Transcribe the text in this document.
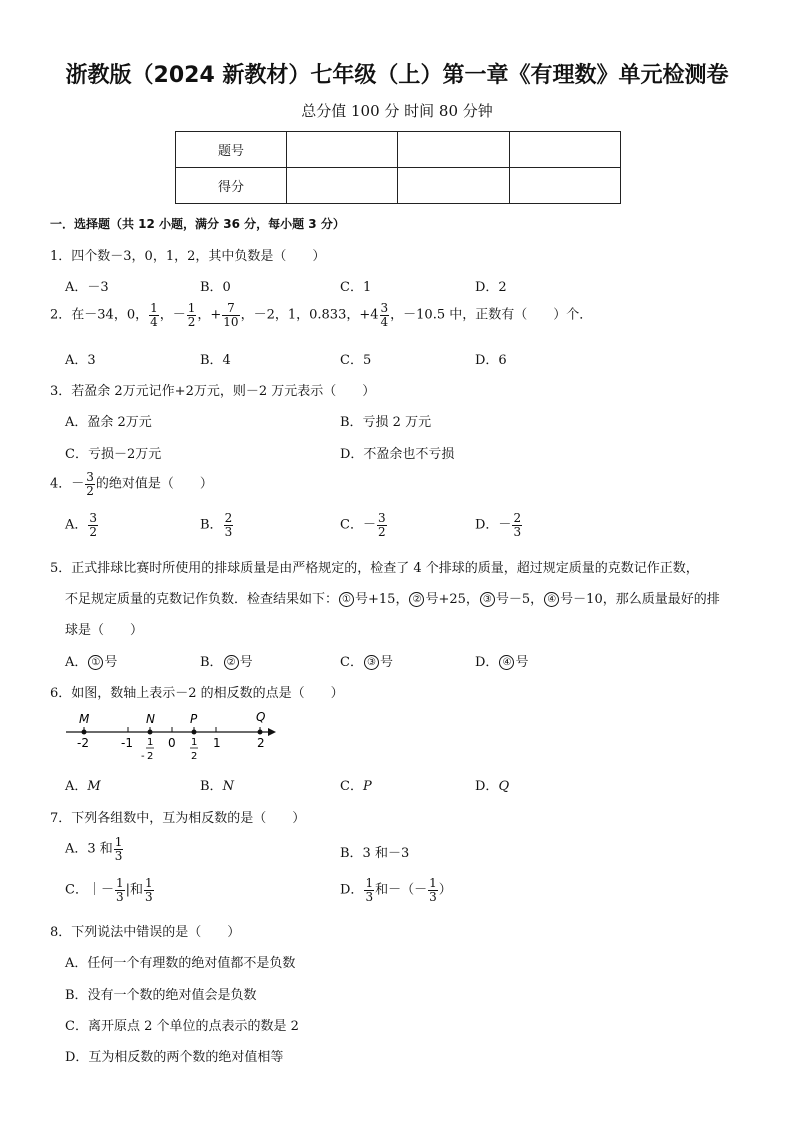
浙教版（2024 新教材）七年级（上）第一章《有理数》单元检测卷
总分值 100 分 时间 80 分钟
题号			
得分			
一．选择题（共 12 小题，满分 36 分，每小题 3 分）
1．四个数－3，0，1，2，其中负数是（　　）
A．－3	B．0	C．1	D．2
2．在－34，0， $\frac{1}{4}$ ，－ $\frac{1}{2}$ ，+ $\frac{7}{10}$ ，－2，1，0.833，$+4 \frac{3}{4}$ ，－10.5 中，正数有（　　）个．
A．3	B．4	C．5	D．6
3．若盈余 2万元记作+2万元，则－2 万元表示（　　）
A．盈余 2万元	B．亏损 2 万元
C．亏损－2万元	D．不盈余也不亏损
4．－ $\frac{3}{2}$ 的绝对值是（　　）
A． $\frac{3}{2}$	B． $\frac{2}{3}$	C．－ $\frac{3}{2}$	D．－ $\frac{2}{3}$
5．正式排球比赛时所使用的排球质量是由严格规定的，检查了 4 个排球的质量，超过规定质量的克数记作正数，
不足规定质量的克数记作负数．检查结果如下： ① 号+15， ② 号+25， ③ 号－5， ④ 号－10，那么质量最好的排
球是（　　）
A． ① 号	B． ② 号	C． ③ 号	D． ④ 号
6．如图，数轴上表示－2 的相反数的点是（　　）
M	N	P	Q
-2	-1	0	1	2
1
- 2
1
2
A．M	B．N	C．P	D．Q
7．下列各组数中，互为相反数的是（　　）
A．3 和 $\frac{1}{3}$	B．3 和－3
C．｜－ $\frac{1}{3}$ |和 $\frac{1}{3}$	D． $\frac{1}{3}$ 和－（－ $\frac{1}{3}$ ）
8．下列说法中错误的是（　　）
A．任何一个有理数的绝对值都不是负数
B．没有一个数的绝对值会是负数
C．离开原点 2 个单位的点表示的数是 2
D．互为相反数的两个数的绝对值相等
